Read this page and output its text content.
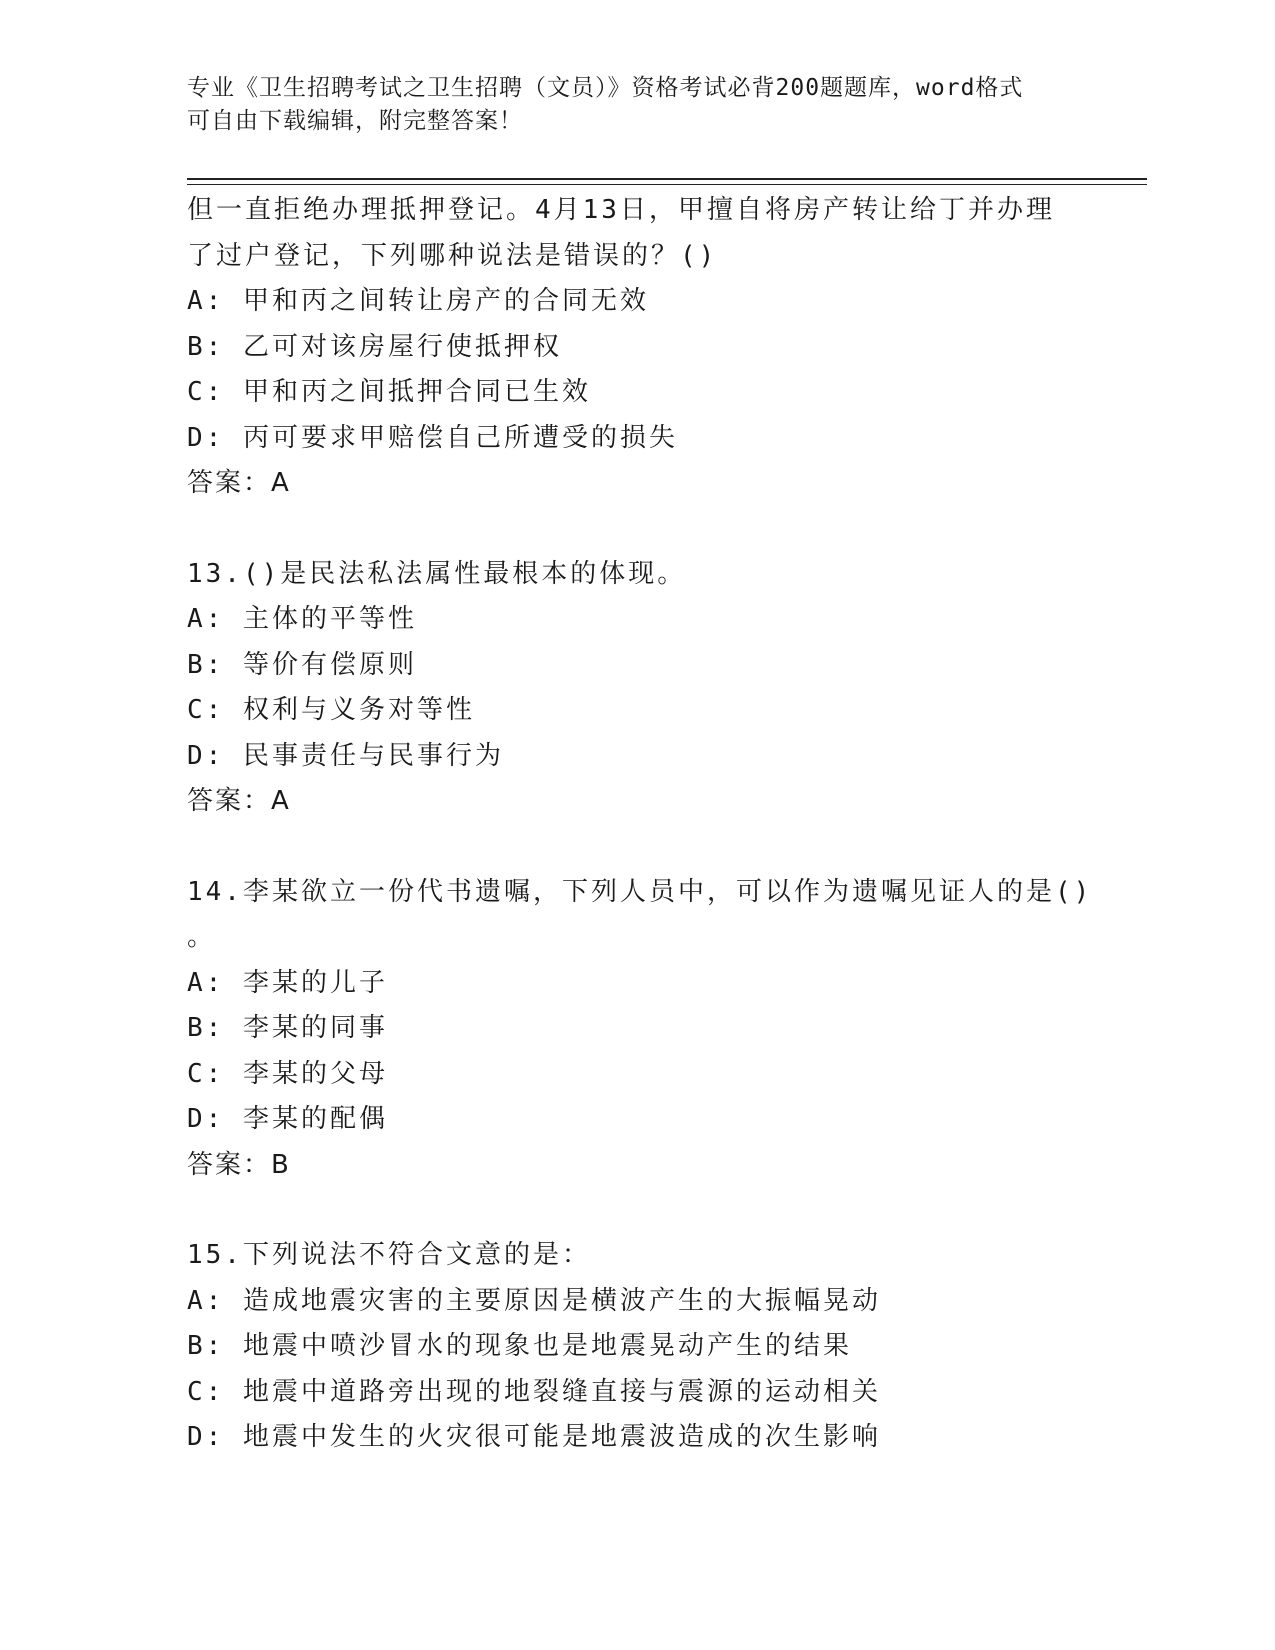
专业《卫生招聘考试之卫生招聘（文员）》资格考试必背200题题库，word格式
可自由下载编辑，附完整答案！
但一直拒绝办理抵押登记。4月13日，甲擅自将房产转让给丁并办理
了过户登记，下列哪种说法是错误的？()
A: 甲和丙之间转让房产的合同无效
B: 乙可对该房屋行使抵押权
C: 甲和丙之间抵押合同已生效
D: 丙可要求甲赔偿自己所遭受的损失
答案：A
13.()是民法私法属性最根本的体现。
A: 主体的平等性
B: 等价有偿原则
C: 权利与义务对等性
D: 民事责任与民事行为
答案：A
14.李某欲立一份代书遗嘱，下列人员中，可以作为遗嘱见证人的是()
。
A: 李某的儿子
B: 李某的同事
C: 李某的父母
D: 李某的配偶
答案：B
15.下列说法不符合文意的是：
A: 造成地震灾害的主要原因是横波产生的大振幅晃动
B: 地震中喷沙冒水的现象也是地震晃动产生的结果
C: 地震中道路旁出现的地裂缝直接与震源的运动相关
D: 地震中发生的火灾很可能是地震波造成的次生影响
